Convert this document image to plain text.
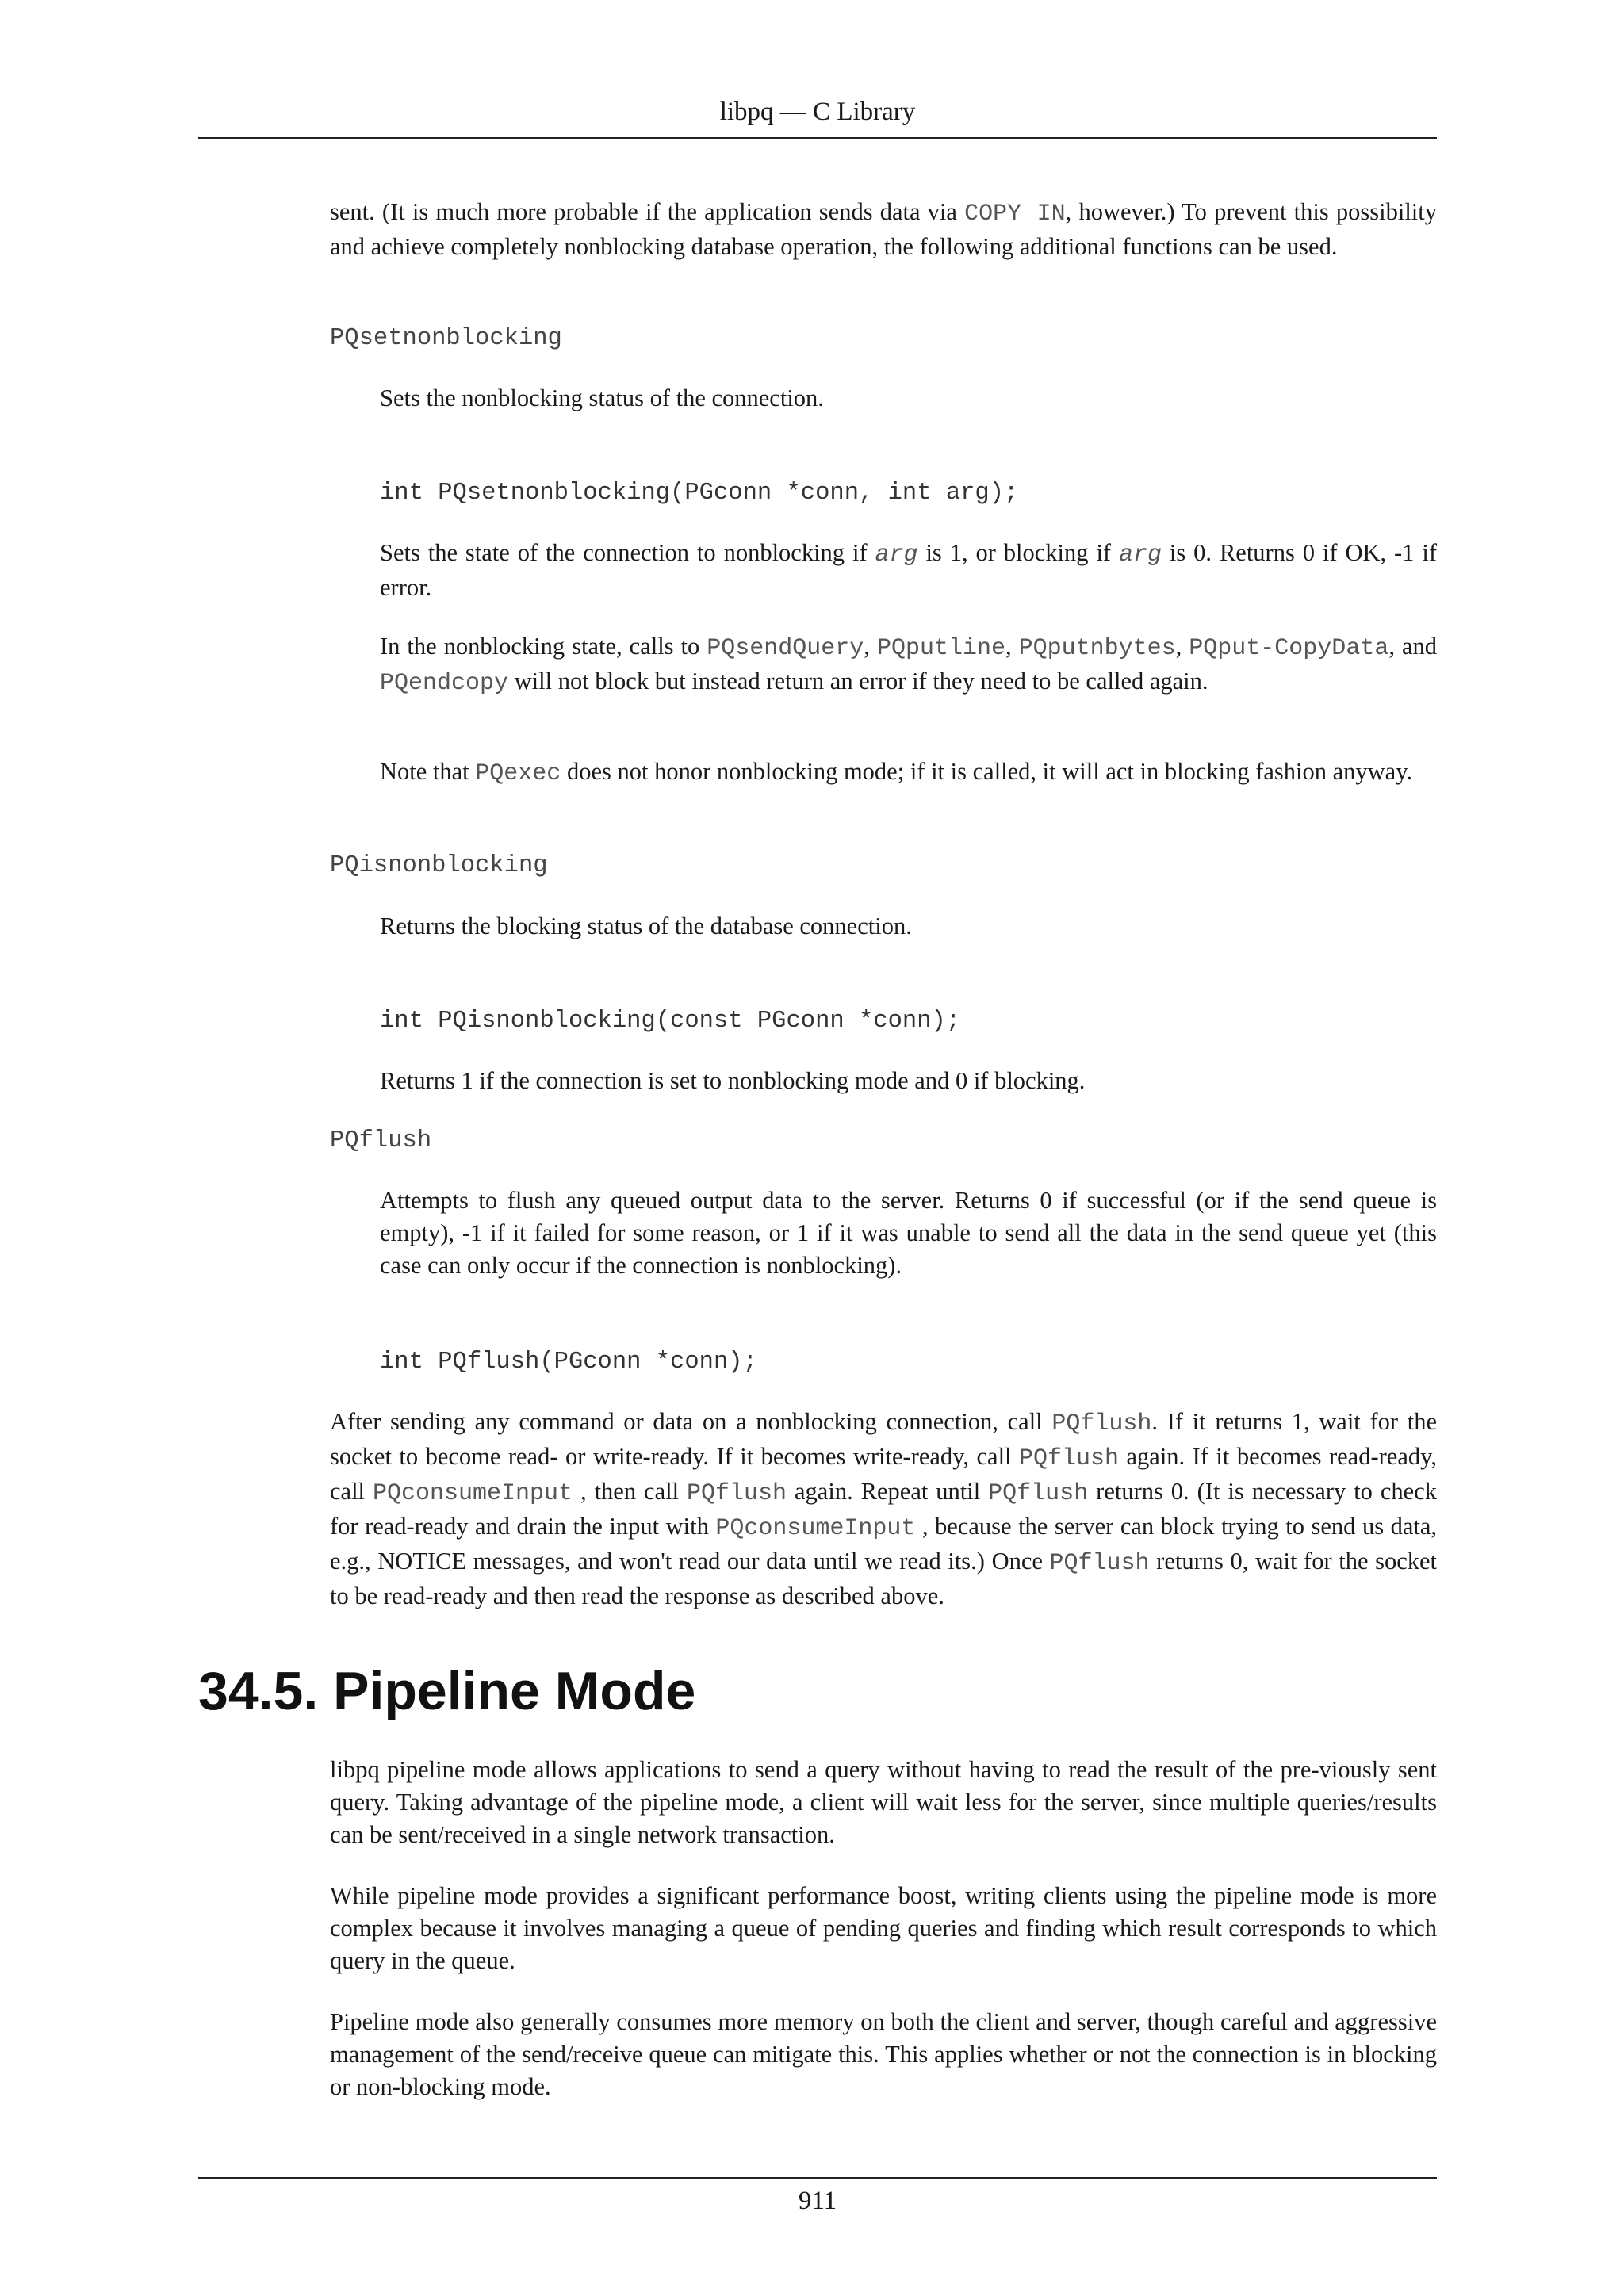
libpq — C Library

sent. (It is much more probable if the application sends data via COPY IN, however.) To prevent this possibility and achieve completely nonblocking database operation, the following additional functions can be used.

PQsetnonblocking

Sets the nonblocking status of the connection.

int PQsetnonblocking(PGconn *conn, int arg);

Sets the state of the connection to nonblocking if arg is 1, or blocking if arg is 0. Returns 0 if OK, -1 if error.

In the nonblocking state, calls to PQsendQuery, PQputline, PQputnbytes, PQput-CopyData, and PQendcopy will not block but instead return an error if they need to be called again.

Note that PQexec does not honor nonblocking mode; if it is called, it will act in blocking fashion anyway.

PQisnonblocking

Returns the blocking status of the database connection.

int PQisnonblocking(const PGconn *conn);

Returns 1 if the connection is set to nonblocking mode and 0 if blocking.

PQflush

Attempts to flush any queued output data to the server. Returns 0 if successful (or if the send queue is empty), -1 if it failed for some reason, or 1 if it was unable to send all the data in the send queue yet (this case can only occur if the connection is nonblocking).

int PQflush(PGconn *conn);

After sending any command or data on a nonblocking connection, call PQflush. If it returns 1, wait for the socket to become read- or write-ready. If it becomes write-ready, call PQflush again. If it becomes read-ready, call PQconsumeInput , then call PQflush again. Repeat until PQflush returns 0. (It is necessary to check for read-ready and drain the input with PQconsumeInput , because the server can block trying to send us data, e.g., NOTICE messages, and won't read our data until we read its.) Once PQflush returns 0, wait for the socket to be read-ready and then read the response as described above.

34.5. Pipeline Mode

libpq pipeline mode allows applications to send a query without having to read the result of the pre-viously sent query. Taking advantage of the pipeline mode, a client will wait less for the server, since multiple queries/results can be sent/received in a single network transaction.

While pipeline mode provides a significant performance boost, writing clients using the pipeline mode is more complex because it involves managing a queue of pending queries and finding which result corresponds to which query in the queue.

Pipeline mode also generally consumes more memory on both the client and server, though careful and aggressive management of the send/receive queue can mitigate this. This applies whether or not the connection is in blocking or non-blocking mode.

911
